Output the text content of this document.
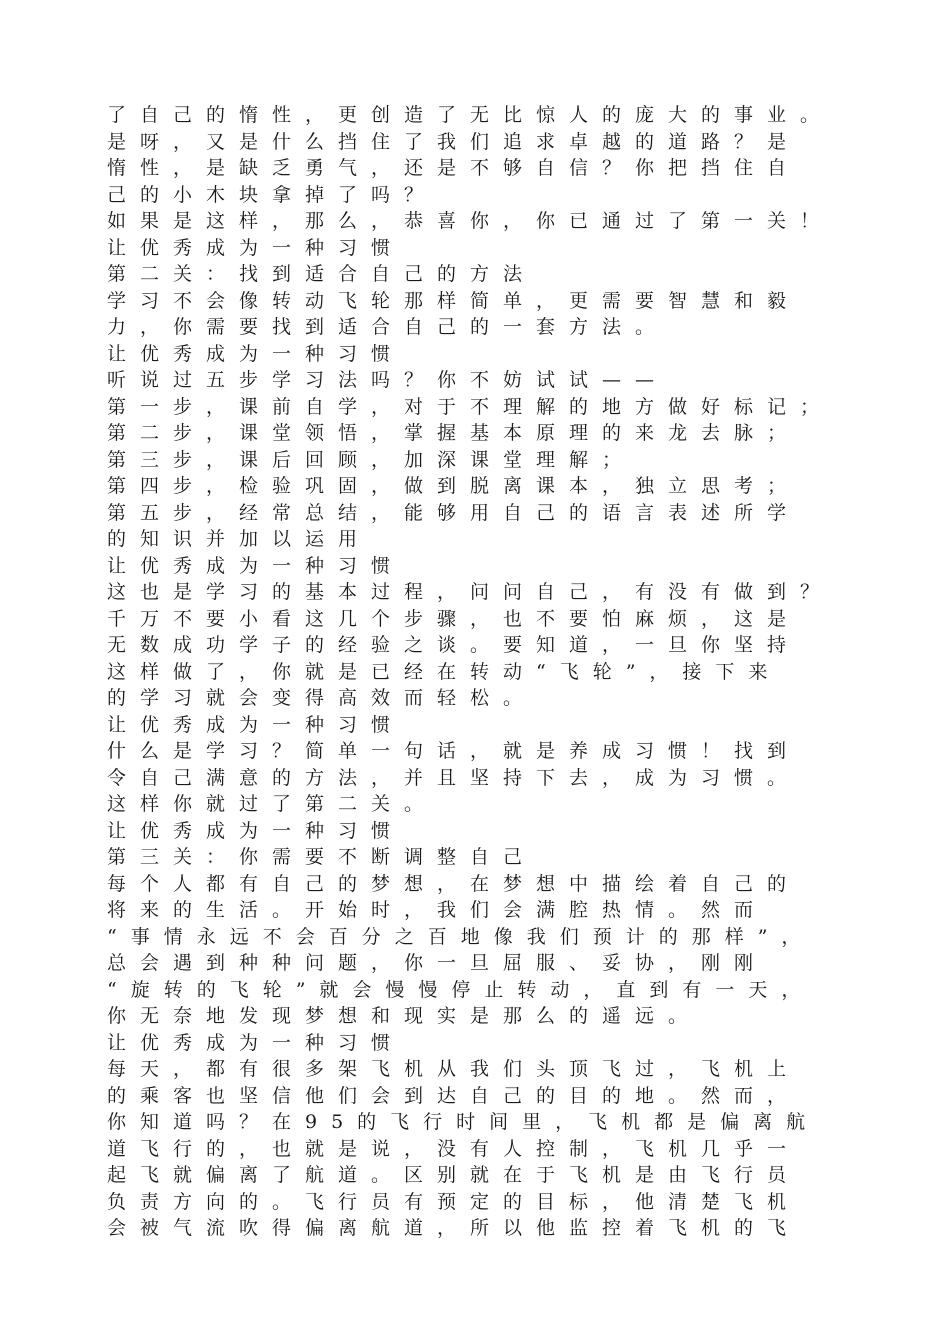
了自己的惰性，更创造了无比惊人的庞大的事业。
是呀，又是什么挡住了我们追求卓越的道路？是
惰性，是缺乏勇气，还是不够自信？你把挡住自
己的小木块拿掉了吗？
如果是这样，那么，恭喜你，你已通过了第一关！
让优秀成为一种习惯
第二关：找到适合自己的方法
学习不会像转动飞轮那样简单，更需要智慧和毅
力，你需要找到适合自己的一套方法。
让优秀成为一种习惯
听说过五步学习法吗？你不妨试试——
第一步，课前自学，对于不理解的地方做好标记；
第二步，课堂领悟，掌握基本原理的来龙去脉；
第三步，课后回顾，加深课堂理解；
第四步，检验巩固，做到脱离课本，独立思考；
第五步，经常总结，能够用自己的语言表述所学
的知识并加以运用
让优秀成为一种习惯
这也是学习的基本过程，问问自己，有没有做到？
千万不要小看这几个步骤，也不要怕麻烦，这是
无数成功学子的经验之谈。要知道，一旦你坚持
这样做了，你就是已经在转动“飞轮”，接下来
的学习就会变得高效而轻松。
让优秀成为一种习惯
什么是学习？简单一句话，就是养成习惯！找到
令自己满意的方法，并且坚持下去，成为习惯。
这样你就过了第二关。
让优秀成为一种习惯
第三关：你需要不断调整自己
每个人都有自己的梦想，在梦想中描绘着自己的
将来的生活。开始时，我们会满腔热情。然而
“事情永远不会百分之百地像我们预计的那样”，
总会遇到种种问题，你一旦屈服、妥协，刚刚
“旋转的飞轮”就会慢慢停止转动，直到有一天，
你无奈地发现梦想和现实是那么的遥远。
让优秀成为一种习惯
每天，都有很多架飞机从我们头顶飞过，飞机上
的乘客也坚信他们会到达自己的目的地。然而，
你知道吗？在95的飞行时间里，飞机都是偏离航
道飞行的，也就是说，没有人控制，飞机几乎一
起飞就偏离了航道。区别就在于飞机是由飞行员
负责方向的。飞行员有预定的目标，他清楚飞机
会被气流吹得偏离航道，所以他监控着飞机的飞
